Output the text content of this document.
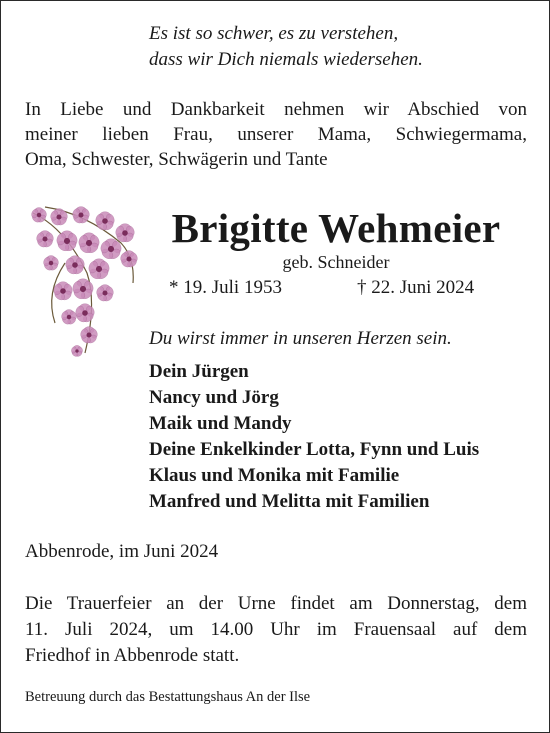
Es ist so schwer, es zu verstehen,
dass wir Dich niemals wiedersehen.
In Liebe und Dankbarkeit nehmen wir Abschied von
meiner lieben Frau, unserer Mama, Schwiegermama,
Oma, Schwester, Schwägerin und Tante
Brigitte Wehmeier
geb. Schneider
* 19. Juli 1953	† 22. Juni 2024
Du wirst immer in unseren Herzen sein.
Dein Jürgen
Nancy und Jörg
Maik und Mandy
Deine Enkelkinder Lotta, Fynn und Luis
Klaus und Monika mit Familie
Manfred und Melitta mit Familien
Abbenrode, im Juni 2024
Die Trauerfeier an der Urne findet am Donnerstag, dem
11. Juli 2024, um 14.00 Uhr im Frauensaal auf dem
Friedhof in Abbenrode statt.
Betreuung durch das Bestattungshaus An der Ilse
